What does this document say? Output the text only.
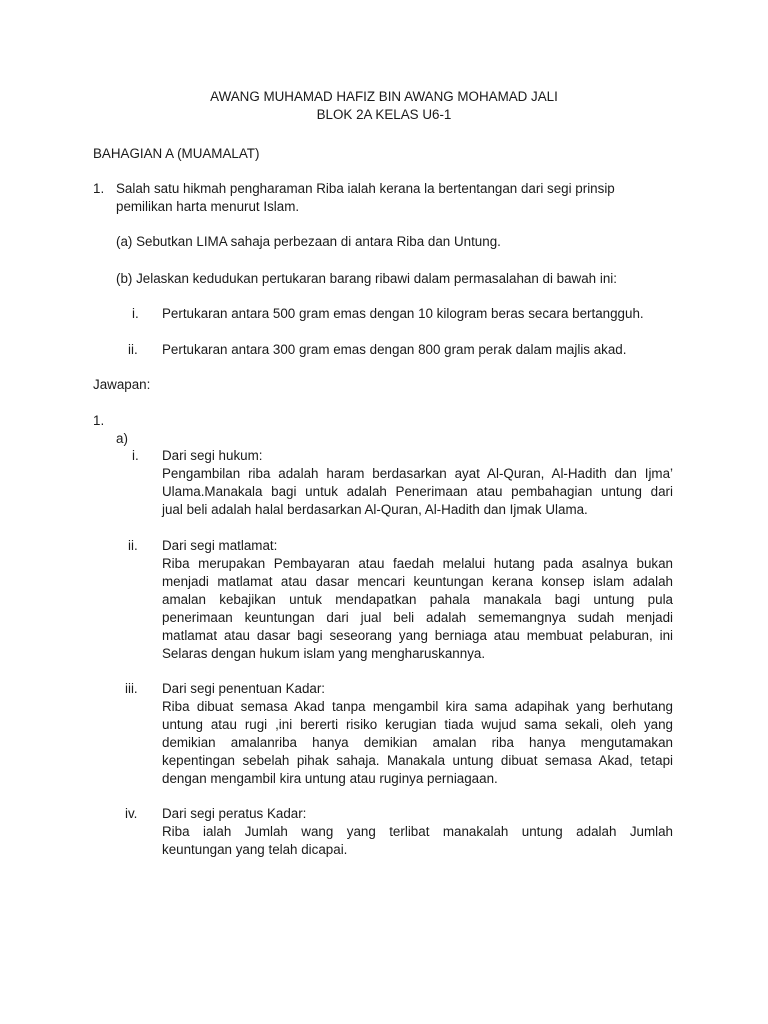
AWANG MUHAMAD HAFIZ BIN AWANG MOHAMAD JALI
BLOK 2A KELAS U6-1
BAHAGIAN A (MUAMALAT)
1. Salah satu hikmah pengharaman Riba ialah kerana la bertentangan dari segi prinsip
pemilikan harta menurut Islam.
(a) Sebutkan LIMA sahaja perbezaan di antara Riba dan Untung.
(b) Jelaskan kedudukan pertukaran barang ribawi dalam permasalahan di bawah ini:
i. Pertukaran antara 500 gram emas dengan 10 kilogram beras secara bertangguh.
ii. Pertukaran antara 300 gram emas dengan 800 gram perak dalam majlis akad.
Jawapan:
1.
a)
i. Dari segi hukum:
Pengambilan riba adalah haram berdasarkan ayat Al-Quran, Al-Hadith dan Ijma’
Ulama.Manakala bagi untuk adalah Penerimaan atau pembahagian untung dari
jual beli adalah halal berdasarkan Al-Quran, Al-Hadith dan Ijmak Ulama.
ii. Dari segi matlamat:
Riba merupakan Pembayaran atau faedah melalui hutang pada asalnya bukan
menjadi matlamat atau dasar mencari keuntungan kerana konsep islam adalah
amalan kebajikan untuk mendapatkan pahala manakala bagi untung pula
penerimaan keuntungan dari jual beli adalah sememangnya sudah menjadi
matlamat atau dasar bagi seseorang yang berniaga atau membuat pelaburan, ini
Selaras dengan hukum islam yang mengharuskannya.
iii. Dari segi penentuan Kadar:
Riba dibuat semasa Akad tanpa mengambil kira sama adapihak yang berhutang
untung atau rugi ,ini bererti risiko kerugian tiada wujud sama sekali, oleh yang
demikian amalanriba hanya demikian amalan riba hanya mengutamakan
kepentingan sebelah pihak sahaja. Manakala untung dibuat semasa Akad, tetapi
dengan mengambil kira untung atau ruginya perniagaan.
iv. Dari segi peratus Kadar:
Riba ialah Jumlah wang yang terlibat manakalah untung adalah Jumlah
keuntungan yang telah dicapai.
